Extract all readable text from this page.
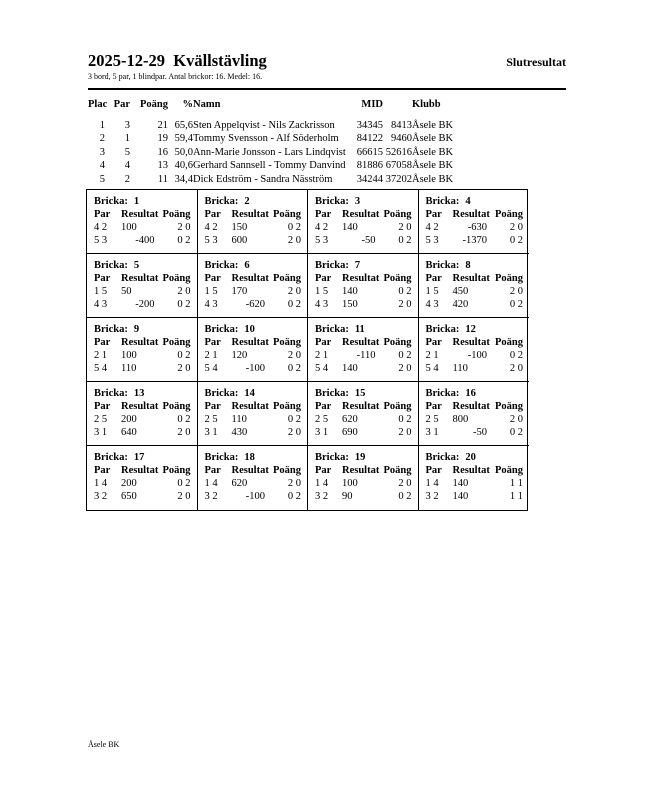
2025-12-29  Kvällstävling	Slutresultat
3 bord, 5 par, 1 blindpar. Antal brickor: 16. Medel: 16.
Plac	Par	Poäng	%	Namn	MID		Klubb
1	3	21	65,6	Sten Appelqvist - Nils Zackrisson	34345	8413	Åsele BK
2	1	19	59,4	Tommy Svensson - Alf Söderholm	84122	9460	Åsele BK
3	5	16	50,0	Ann-Marie Jonsson - Lars Lindqvist	66615	52616	Åsele BK
4	4	13	40,6	Gerhard Sannsell - Tommy Danvind	81886	67058	Åsele BK
5	2	11	34,4	Dick Edström - Sandra Näsström	34244	37202	Åsele BK
Bricka: 1
Par	Resultat Poäng
4 2	100	2 0
5 3	-400	0 2
Bricka: 2
Par	Resultat Poäng
4 2	150	0 2
5 3	600	2 0
Bricka: 3
Par	Resultat Poäng
4 2	140	2 0
5 3	-50	0 2
Bricka: 4
Par	Resultat Poäng
4 2	-630	2 0
5 3	-1370	0 2
Bricka: 5
Par	Resultat Poäng
1 5	50	2 0
4 3	-200	0 2
Bricka: 6
Par	Resultat Poäng
1 5	170	2 0
4 3	-620	0 2
Bricka: 7
Par	Resultat Poäng
1 5	140	0 2
4 3	150	2 0
Bricka: 8
Par	Resultat Poäng
1 5	450	2 0
4 3	420	0 2
Bricka: 9
Par	Resultat Poäng
2 1	100	0 2
5 4	110	2 0
Bricka: 10
Par	Resultat Poäng
2 1	120	2 0
5 4	-100	0 2
Bricka: 11
Par	Resultat Poäng
2 1	-110	0 2
5 4	140	2 0
Bricka: 12
Par	Resultat Poäng
2 1	-100	0 2
5 4	110	2 0
Bricka: 13
Par	Resultat Poäng
2 5	200	0 2
3 1	640	2 0
Bricka: 14
Par	Resultat Poäng
2 5	110	0 2
3 1	430	2 0
Bricka: 15
Par	Resultat Poäng
2 5	620	0 2
3 1	690	2 0
Bricka: 16
Par	Resultat Poäng
2 5	800	2 0
3 1	-50	0 2
Bricka: 17
Par	Resultat Poäng
1 4	200	0 2
3 2	650	2 0
Bricka: 18
Par	Resultat Poäng
1 4	620	2 0
3 2	-100	0 2
Bricka: 19
Par	Resultat Poäng
1 4	100	2 0
3 2	90	0 2
Bricka: 20
Par	Resultat Poäng
1 4	140	1 1
3 2	140	1 1
Åsele BK
